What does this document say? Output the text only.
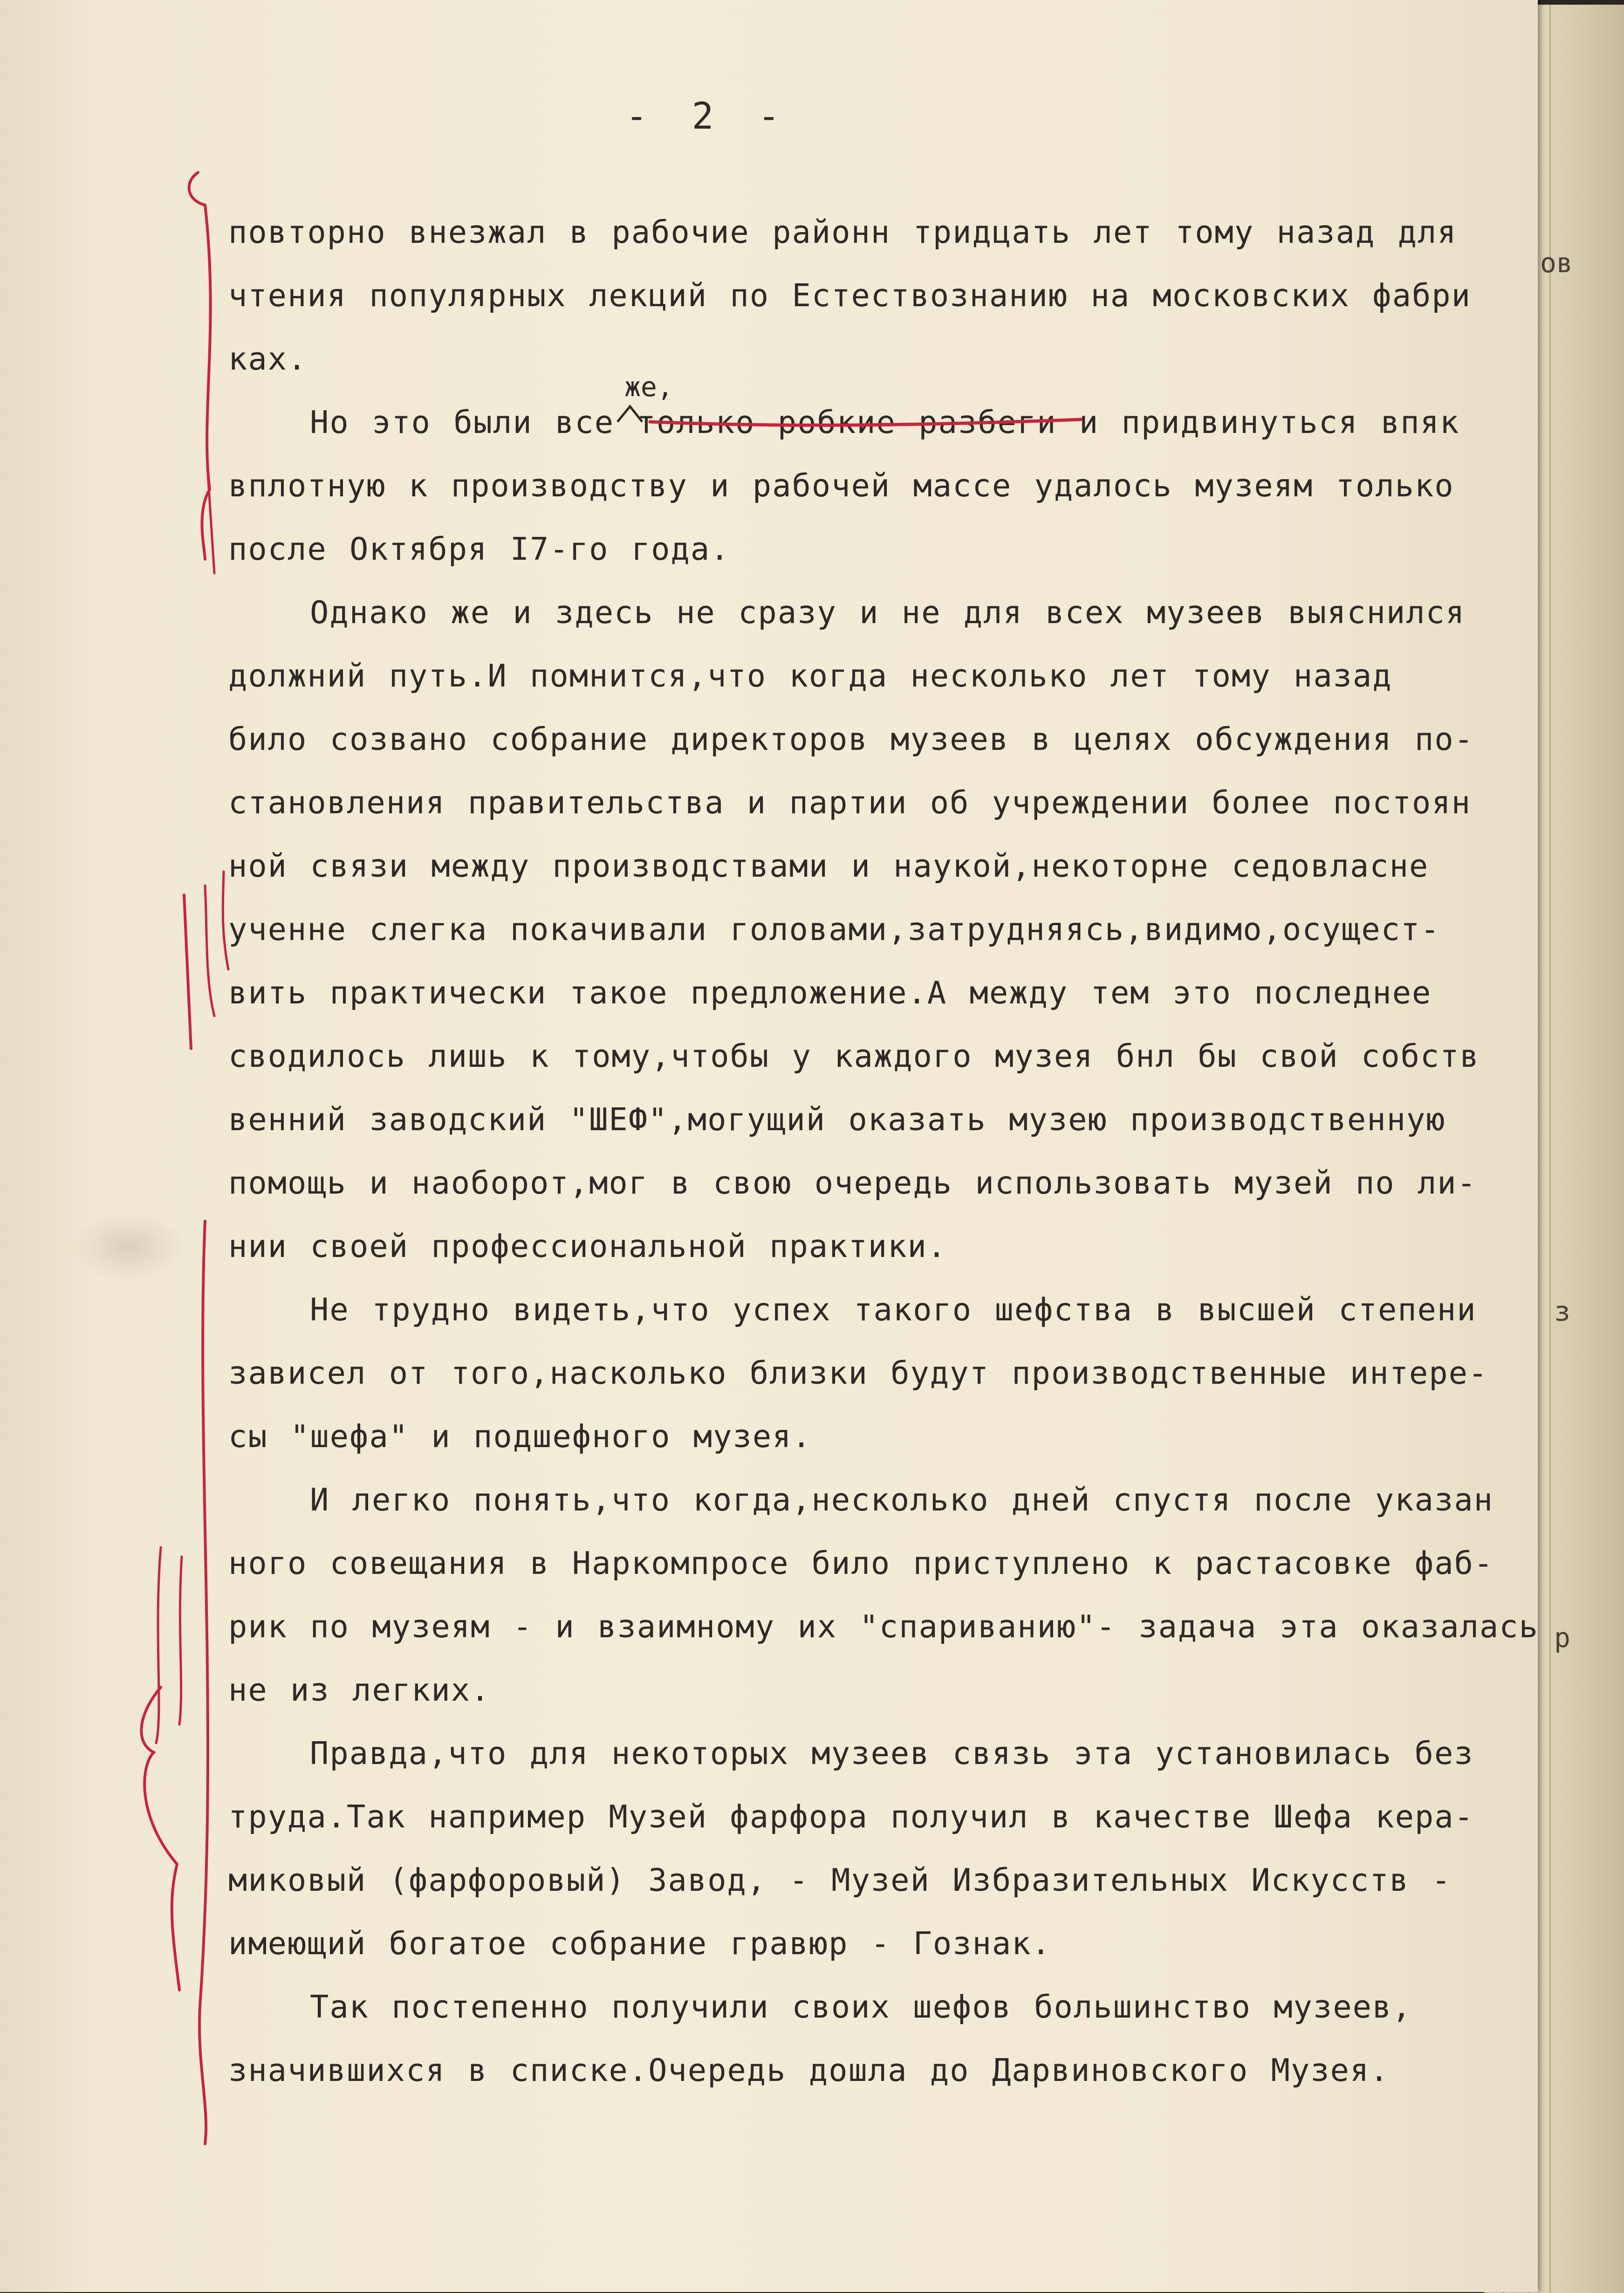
ов
з
р
- 2 -
же,

повторно внезжал в рабочие районн тридцать лет тому назад для
чтения популярных лекций по Естествознанию на московских фабри
ках.

Но это были все только робкие разбеги и придвинуться впяк
вплотную к производству и рабочей массе удалось музеям только
после Октября I7-го года.

Однако же и здесь не сразу и не для всех музеев выяснился
должний путь.И помнится,что когда несколько лет тому назад
било созвано собрание директоров музеев в целях обсуждения по-
становления правительства и партии об учреждении более постоян
ной связи между производствами и наукой,некоторне седовласне
ученне слегка покачивали головами,затрудняясь,видимо,осущест-
вить практически такое предложение.А между тем это последнее
сводилось лишь к тому,чтобы у каждого музея бнл бы свой собств
венний заводский "ШЕФ",могущий оказать музею производственную
помощь и наоборот,мог в свою очередь использовать музей по ли-
нии своей профессиональной практики.

Не трудно видеть,что успех такого шефства в высшей степени
зависел от того,насколько близки будут производственные интере-
сы "шефа" и подшефного музея.

И легко понять,что когда,несколько дней спустя после указан
ного совещания в Наркомпросе било приступлено к растасовке фаб-
рик по музеям - и взаимному их "спариванию"- задача эта оказалась
не из легких.

Правда,что для некоторых музеев связь эта установилась без
труда.Так например Музей фарфора получил в качестве Шефа кера-
миковый (фарфоровый) Завод, - Музей Избразительных Искусств -
имеющий богатое собрание гравюр - Гознак.

Так постепенно получили своих шефов большинство музеев,
значившихся в списке.Очередь дошла до Дарвиновского Музея.
